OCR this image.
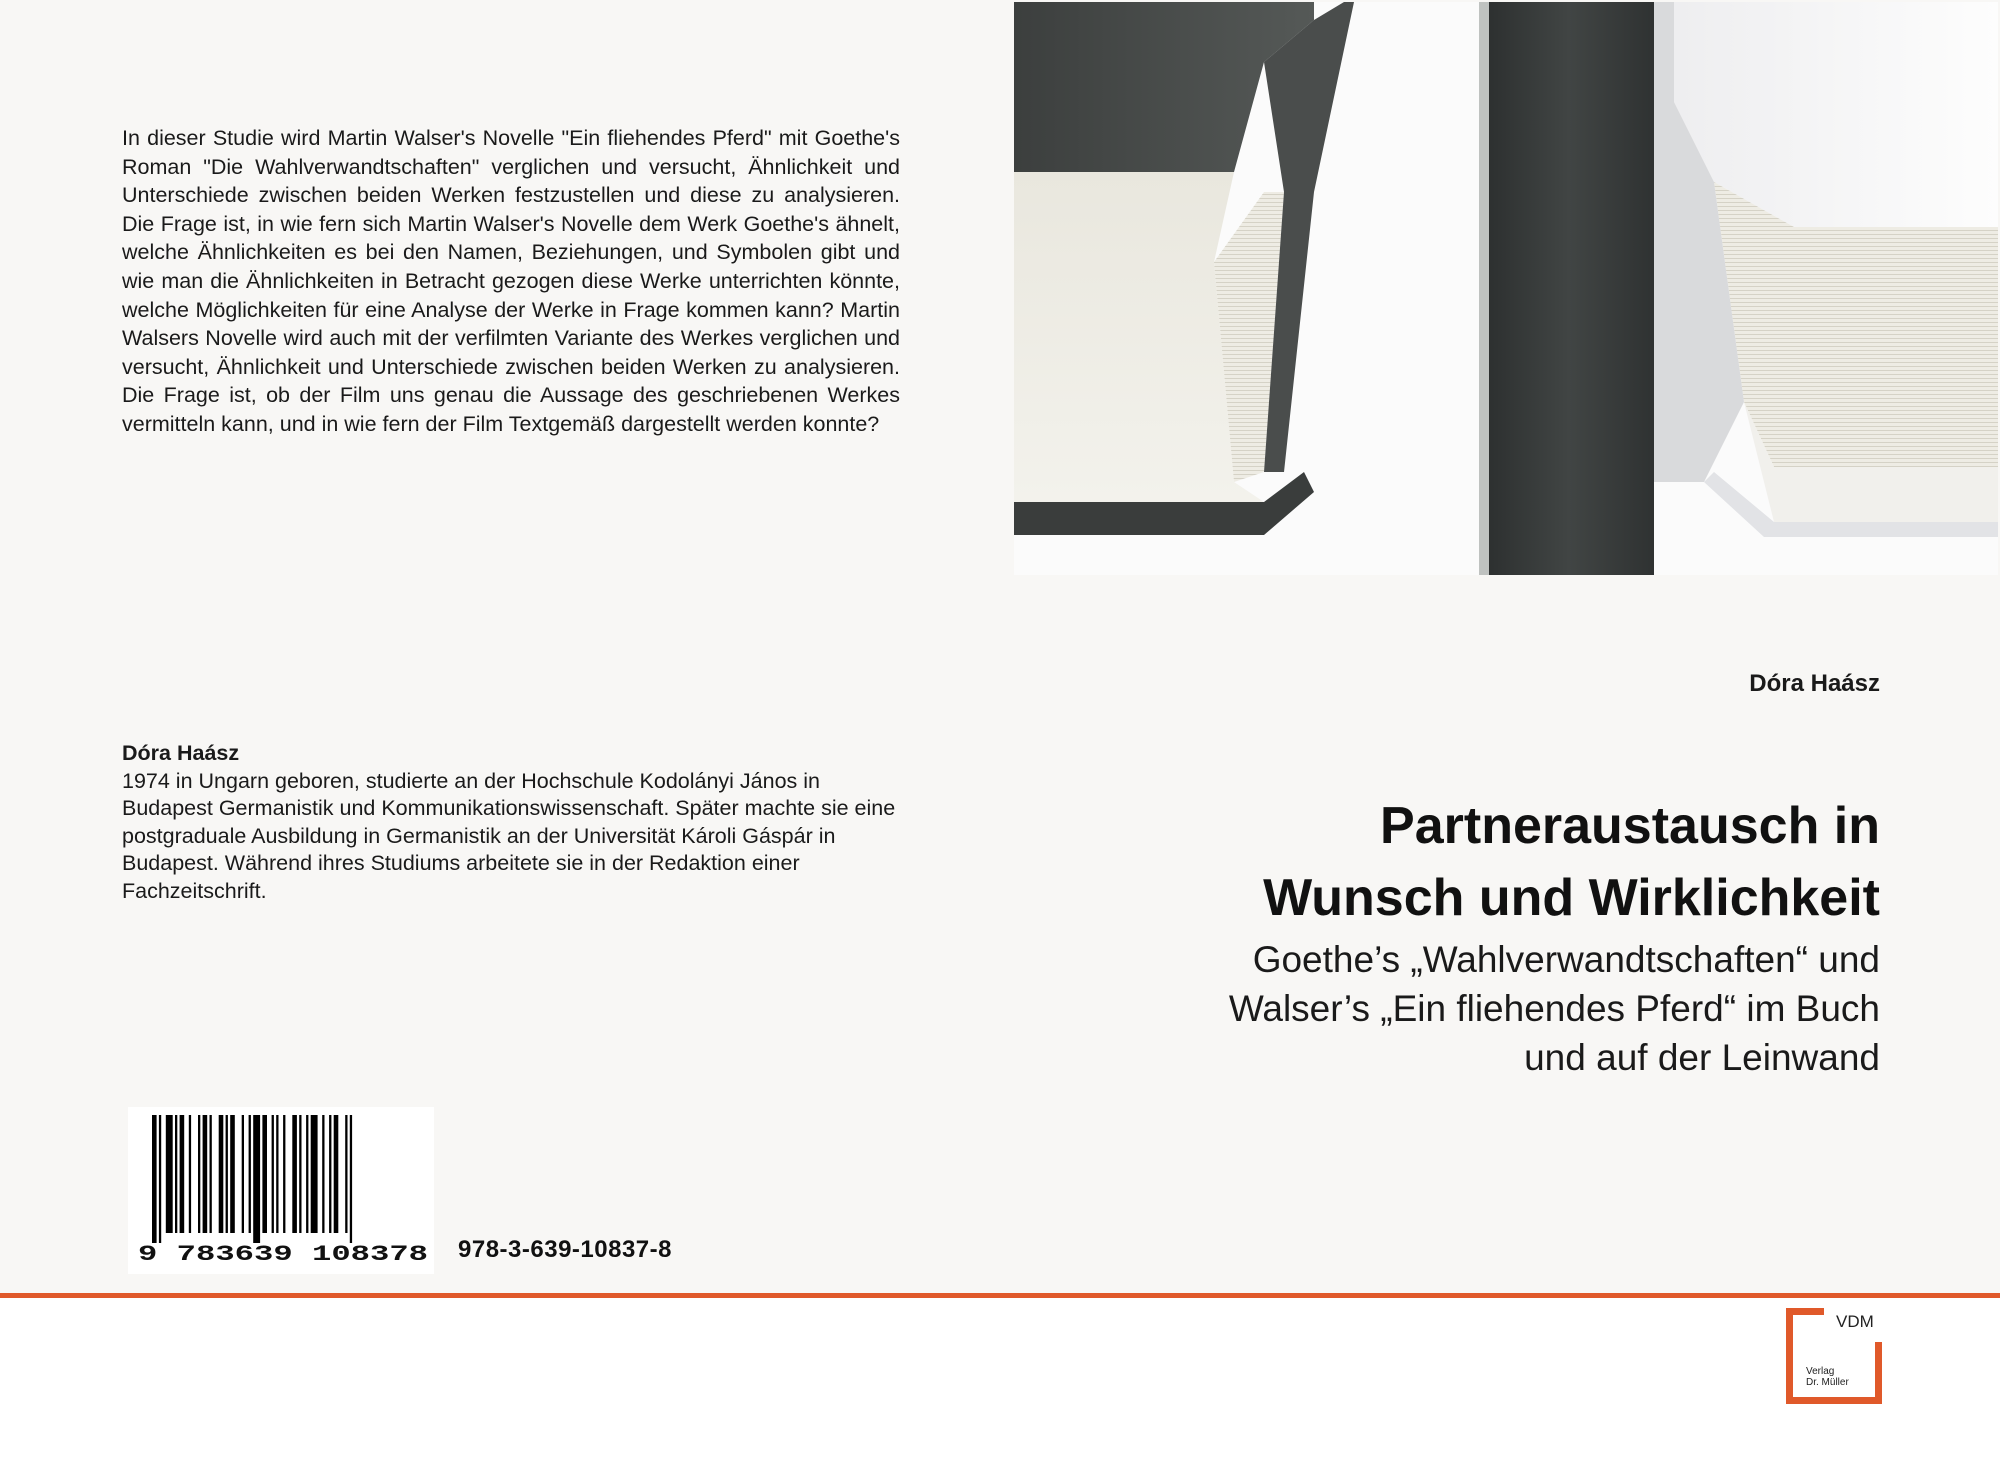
In dieser Studie wird Martin Walser's Novelle "Ein fliehendes Pferd" mit Goethe's Roman "Die Wahlverwandtschaften" verglichen und versucht, Ähnlichkeit und Unterschiede zwischen beiden Werken festzustellen und diese zu analysieren. Die Frage ist, in wie fern sich Martin Walser's Novelle dem Werk Goethe's ähnelt, welche Ähnlichkeiten es bei den Namen, Beziehungen, und Symbolen gibt und wie man die Ähnlichkeiten in Betracht gezogen diese Werke unterrichten könnte, welche Möglichkeiten für eine Analyse der Werke in Frage kommen kann? Martin Walsers Novelle wird auch mit der verfilmten Variante des Werkes verglichen und versucht, Ähnlichkeit und Unterschiede zwischen beiden Werken zu analysieren. Die Frage ist, ob der Film uns genau die Aussage des geschriebenen Werkes vermitteln kann, und in wie fern der Film Textgemäß dargestellt werden konnte?

Dóra Haász
Dóra Haász
1974 in Ungarn geboren, studierte an der Hochschule Kodolányi János in Budapest Germanistik und Kommunikationswissenschaft. Später machte sie eine postgraduale Ausbildung in Germanistik an der Universität Károli Gáspár in Budapest. Während ihres Studiums arbeitete sie in der Redaktion einer Fachzeitschrift.
Partneraustausch in
Wunsch und Wirklichkeit
Goethe’s „Wahlverwandtschaften“ und
Walser’s „Ein fliehendes Pferd“ im Buch
und auf der Leinwand
9 783639 108378 978-3-639-10837-8
VDM
Verlag
Dr. Müller
